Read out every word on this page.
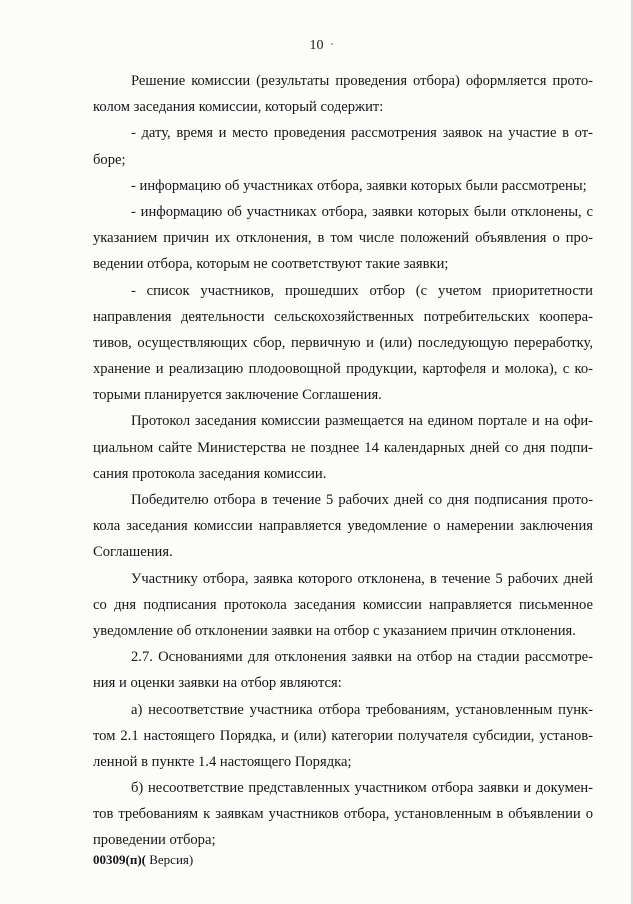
10
Решение комиссии (результаты проведения отбора) оформляется прото-
колом заседания комиссии, который содержит:
- дату, время и место проведения рассмотрения заявок на участие в от-
боре;
- информацию об участниках отбора, заявки которых были рассмотрены;
- информацию об участниках отбора, заявки которых были отклонены, с
указанием причин их отклонения, в том числе положений объявления о про-
ведении отбора, которым не соответствуют такие заявки;
- список участников, прошедших отбор (с учетом приоритетности
направления деятельности сельскохозяйственных потребительских коопера-
тивов, осуществляющих сбор, первичную и (или) последующую переработку,
хранение и реализацию плодоовощной продукции, картофеля и молока), с ко-
торыми планируется заключение Соглашения.
Протокол заседания комиссии размещается на едином портале и на офи-
циальном сайте Министерства не позднее 14 календарных дней со дня подпи-
сания протокола заседания комиссии.
Победителю отбора в течение 5 рабочих дней со дня подписания прото-
кола заседания комиссии направляется уведомление о намерении заключения
Соглашения.
Участнику отбора, заявка которого отклонена, в течение 5 рабочих дней
со дня подписания протокола заседания комиссии направляется письменное
уведомление об отклонении заявки на отбор с указанием причин отклонения.
2.7. Основаниями для отклонения заявки на отбор на стадии рассмотре-
ния и оценки заявки на отбор являются:
а) несоответствие участника отбора требованиям, установленным пунк-
том 2.1 настоящего Порядка, и (или) категории получателя субсидии, установ-
ленной в пункте 1.4 настоящего Порядка;
б) несоответствие представленных участником отбора заявки и докумен-
тов требованиям к заявкам участников отбора, установленным в объявлении о
проведении отбора;
00309(п)( Версия)
